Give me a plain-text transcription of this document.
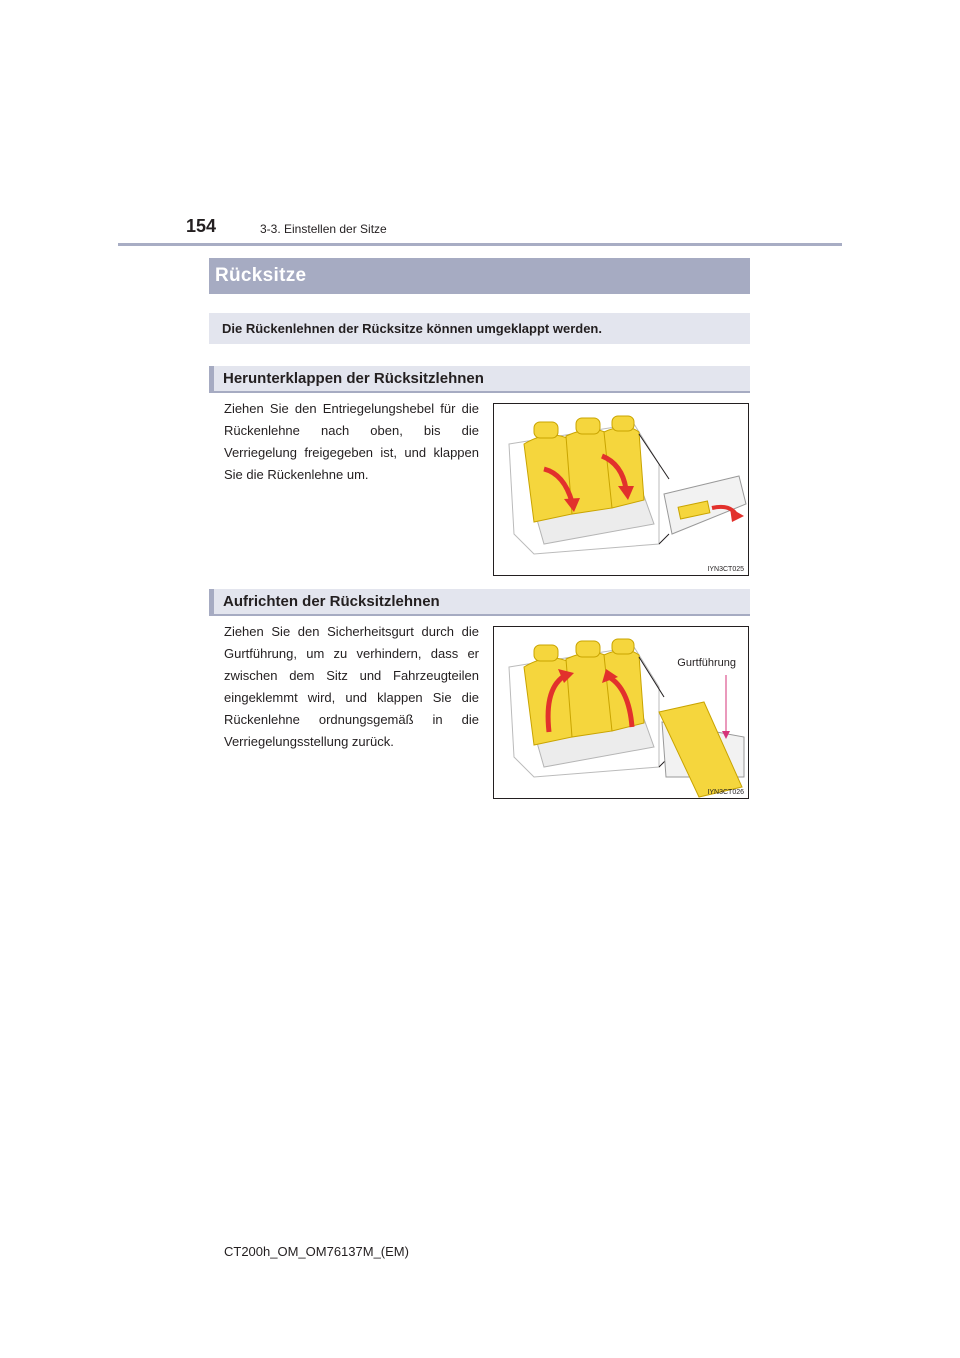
154	3-3. Einstellen der Sitze
Rücksitze
Die Rückenlehnen der Rücksitze können umgeklappt werden.
Herunterklappen der Rücksitzlehnen
Ziehen Sie den Entriegelungshebel für die Rückenlehne nach oben, bis die Verriegelung freigegeben ist, und klappen Sie die Rückenlehne um.
IYN3CT025
Aufrichten der Rücksitzlehnen
Ziehen Sie den Sicherheitsgurt durch die Gurtführung, um zu verhindern, dass er zwischen dem Sitz und Fahrzeugteilen eingeklemmt wird, und klappen Sie die Rückenlehne ordnungsgemäß in die Verriegelungsstellung zurück.
Gurtführung
IYN3CT026
CT200h_OM_OM76137M_(EM)
